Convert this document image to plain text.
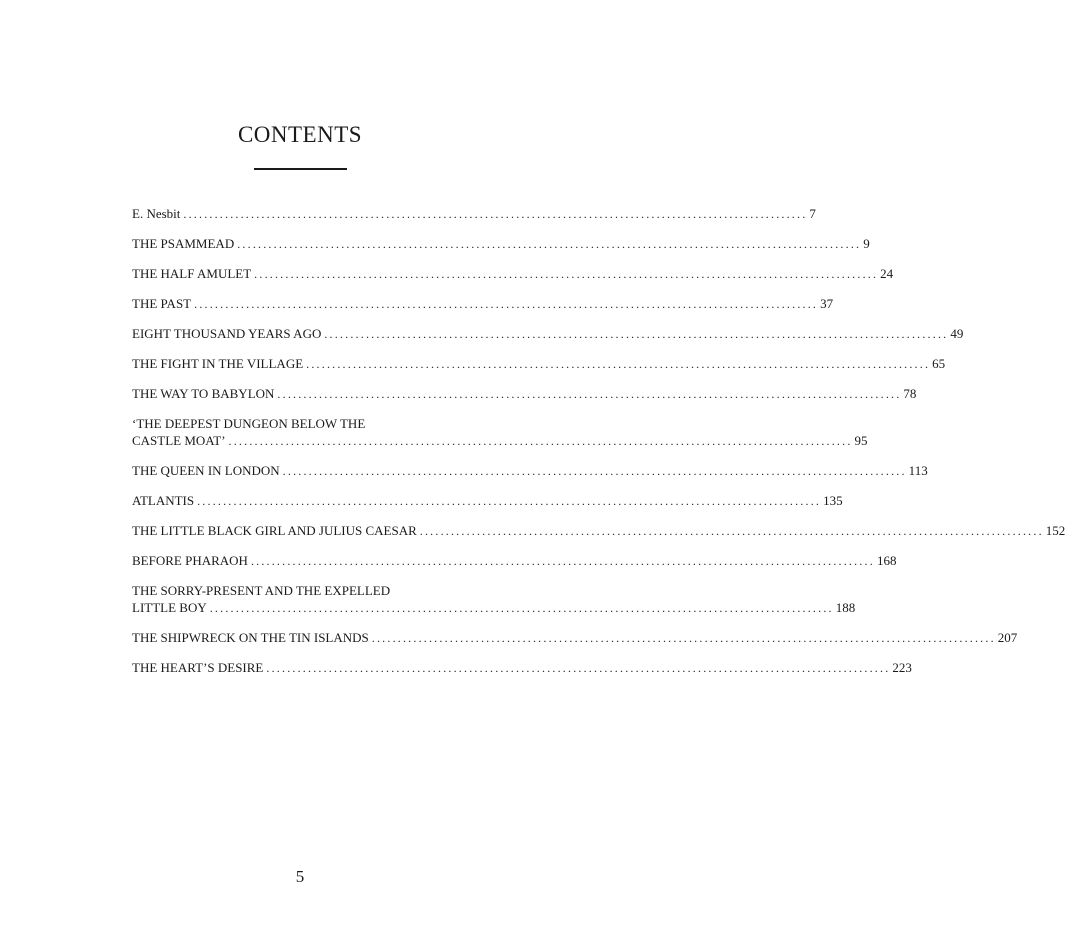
CONTENTS
E. Nesbit ........................................................................................................................ 7
THE PSAMMEAD ........................................................................................................................ 9
THE HALF AMULET ........................................................................................................................ 24
THE PAST ........................................................................................................................ 37
EIGHT THOUSAND YEARS AGO ........................................................................................................................ 49
THE FIGHT IN THE VILLAGE ........................................................................................................................ 65
THE WAY TO BABYLON ........................................................................................................................ 78
‘THE DEEPEST DUNGEON BELOW THE
CASTLE MOAT’ ........................................................................................................................ 95
THE QUEEN IN LONDON ........................................................................................................................ 113
ATLANTIS ........................................................................................................................ 135
THE LITTLE BLACK GIRL AND JULIUS CAESAR ........................................................................................................................ 152
BEFORE PHARAOH ........................................................................................................................ 168
THE SORRY-PRESENT AND THE EXPELLED
LITTLE BOY ........................................................................................................................ 188
THE SHIPWRECK ON THE TIN ISLANDS ........................................................................................................................ 207
THE HEART’S DESIRE ........................................................................................................................ 223
5
